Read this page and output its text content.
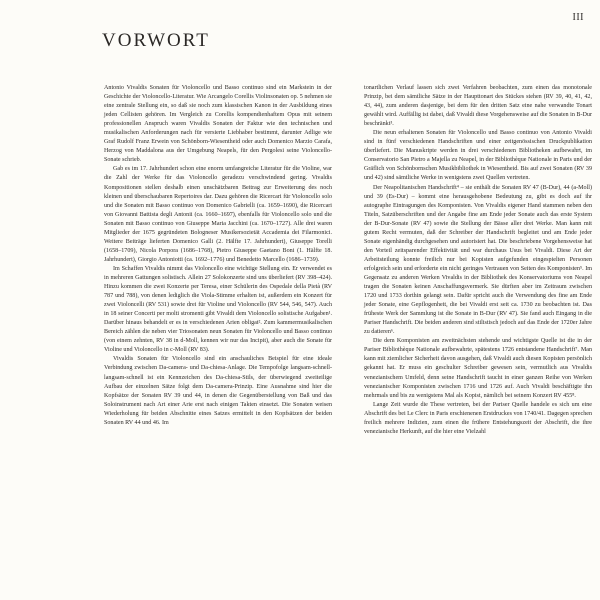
III
VORWORT

Antonio Vivaldis Sonaten für Violoncello und Basso continuo sind ein Markstein in der Geschichte der Violoncello-Literatur. Wie Arcangelo Corellis Violinsonaten op. 5 nehmen sie eine zentrale Stellung ein, so daß sie noch zum klassischen Kanon in der Ausbildung eines jeden Cellisten gehören. Im Vergleich zu Corellis kompendienhaftem Opus mit seinem professionellen Anspruch waren Vivaldis Sonaten der Faktur wie den technischen und musikalischen Anforderungen nach für versierte Liebhaber bestimmt, darunter Adlige wie Graf Rudolf Franz Erwein von Schönborn-Wiesentheid oder auch Domenico Marzio Carafa, Herzog von Maddalona aus der Umgebung Neapels, für den Pergolesi seine Violoncello-Sonate schrieb.

Gab es im 17. Jahrhundert schon eine enorm umfangreiche Literatur für die Violine, war die Zahl der Werke für das Violoncello geradezu verschwindend gering. Vivaldis Kompositionen stellen deshalb einen unschätzbaren Beitrag zur Erweiterung des noch kleinen und überschaubaren Repertoires dar. Dazu gehören die Ricercari für Violoncello solo und die Sonaten mit Basso continuo von Domenico Gabrielli (ca. 1659–1690), die Ricercari von Giovanni Battista degli Antonii (ca. 1660–1697), ebenfalls für Violoncello solo und die Sonaten mit Basso continuo von Giuseppe Maria Jacchini (ca. 1670–1727). Alle drei waren Mitglieder der 1675 gegründeten Bologneser Musikersozietät Accademia dei Filarmonici. Weitere Beiträge lieferten Domenico Galli (2. Hälfte 17. Jahrhundert), Giuseppe Torelli (1658–1709), Nicola Porpora (1686–1768), Pietro Giuseppe Gaetano Boni (1. Hälfte 18. Jahrhundert), Giorgio Antoniotti (ca. 1692–1776) und Benedetto Marcello (1686–1739).

Im Schaffen Vivaldis nimmt das Violoncello eine wichtige Stellung ein. Er verwendet es in mehreren Gattungen solistisch. Allein 27 Solokonzerte sind uns überliefert (RV 398–424). Hinzu kommen die zwei Konzerte per Teresa, einer Schülerin des Ospedale della Pietà (RV 787 und 788), von denen lediglich die Viola-Stimme erhalten ist, außerdem ein Konzert für zwei Violoncelli (RV 531) sowie drei für Violine und Violoncello (RV 544, 546, 547). Auch in 18 seiner Concerti per molti stromenti gibt Vivaldi dem Violoncello solistische Aufgaben¹. Darüber hinaus behandelt er es in verschiedenen Arien obligat². Zum kammermusikalischen Bereich zählen die neben vier Triosonaten neun Sonaten für Violoncello und Basso continuo (von einem zehnten, RV 38 in d-Moll, kennen wir nur das Incipit), aber auch die Sonate für Violine und Violoncello in c-Moll (RV 83).

Vivaldis Sonaten für Violoncello sind ein anschauliches Beispiel für eine ideale Verbindung zwischen Da-camera- und Da-chiesa-Anlage. Die Tempofolge langsam-schnell-langsam-schnell ist ein Kennzeichen des Da-chiesa-Stils, der überwiegend zweiteilige Aufbau der einzelnen Sätze folgt dem Da-camera-Prinzip. Eine Ausnahme sind hier die Kopfsätze der Sonaten RV 39 und 44, in denen die Gegenüberstellung von Baß und das Soloinstrument nach Art einer Arie erst nach einigen Takten einsetzt. Die Sonaten weisen Wiederholung für beiden Abschnitte eines Satzes ermittelt in den Kopfsätzen der beiden Sonaten RV 44 und 46. Im

tonartlichen Verlauf lassen sich zwei Verfahren beobachten, zum einen das monotonale Prinzip, bei dem sämtliche Sätze in der Haupttonart des Stückes stehen (RV 39, 40, 41, 42, 43, 44), zum anderen dasjenige, bei dem für den dritten Satz eine nahe verwandte Tonart gewählt wird. Auffällig ist dabei, daß Vivaldi diese Vorgehensweise auf die Sonaten in B-Dur beschränkt³.

Die neun erhaltenen Sonaten für Violoncello und Basso continuo von Antonio Vivaldi sind in fünf verschiedenen Handschriften und einer zeitgenössischen Druckpublikation überliefert. Die Manuskripte werden in drei verschiedenen Bibliotheken aufbewahrt, im Conservatorio San Pietro a Majella zu Neapel, in der Bibliothèque Nationale in Paris und der Gräflich von Schönbornschen Musikbibliothek in Wiesentheid. Bis auf zwei Sonaten (RV 39 und 42) sind sämtliche Werke in wenigstens zwei Quellen vertreten.

Der Neapolitanischen Handschrift⁴ – sie enthält die Sonaten RV 47 (B-Dur), 44 (a-Moll) und 39 (Es-Dur) – kommt eine herausgehobene Bedeutung zu, gibt es doch auf ihr autographe Eintragungen des Komponisten. Von Vivaldis eigener Hand stammen neben den Titeln, Satzüberschriften und der Angabe fine am Ende jeder Sonate auch das erste System der B-Dur-Sonate (RV 47) sowie die Stellung der Bässe aller drei Werke. Man kann mit gutem Recht vermuten, daß der Schreiber der Handschrift begleitet und am Ende jeder Sonate eigenhändig durchgesehen und autorisiert hat. Die beschriebene Vorgehensweise hat den Vorteil zeitsparender Effektivität und war durchaus Usus bei Vivaldi. Diese Art der Arbeitsteilung konnte freilich nur bei Kopisten aufgefunden eingespielten Personen erfolgreich sein und erforderte ein nicht geringes Vertrauen von Seiten des Komponisten⁵. Im Gegensatz zu anderen Werken Vivaldis in der Bibliothek des Konservatoriums von Neapel tragen die Sonaten keinen Anschaffungsvermerk. Sie dürften aber im Zeitraum zwischen 1720 und 1733 dorthin gelangt sein. Dafür spricht auch die Verwendung des fine am Ende jeder Sonate, eine Gepflogenheit, die bei Vivaldi erst seit ca. 1730 zu beobachten ist. Das früheste Werk der Sammlung ist die Sonate in B-Dur (RV 47). Sie fand auch Eingang in die Pariser Handschrift. Die beiden anderen sind stilistisch jedoch auf das Ende der 1720er Jahre zu datieren⁶.

Die dem Komponisten am zweitnächsten stehende und wichtigste Quelle ist die in der Pariser Bibliothèque Nationale aufbewahrte, spätestens 1726 entstandene Handschrift⁷. Man kann mit ziemlicher Sicherheit davon ausgehen, daß Vivaldi auch diesen Kopisten persönlich gekannt hat. Er muss ein geschulter Schreiber gewesen sein, vermutlich aus Vivaldis venezianischem Umfeld, denn seine Handschrift taucht in einer ganzen Reihe von Werken venezianischer Komponisten zwischen 1716 und 1726 auf. Auch Vivaldi beschäftigte ihn mehrmals und bis zu wenigstens Mal als Kopist, nämlich bei seinem Konzert RV 455⁸.

Lange Zeit wurde die These vertreten, bei der Pariser Quelle handele es sich um eine Abschrift des bei Le Clerc in Paris erschienenen Erstdruckes von 1740/41. Dagegen sprechen freilich mehrere Indizien, zum einen die frühere Entstehungszeit der Abschrift, die ihre venezianische Herkunft, auf die hier eine Vielzahl
